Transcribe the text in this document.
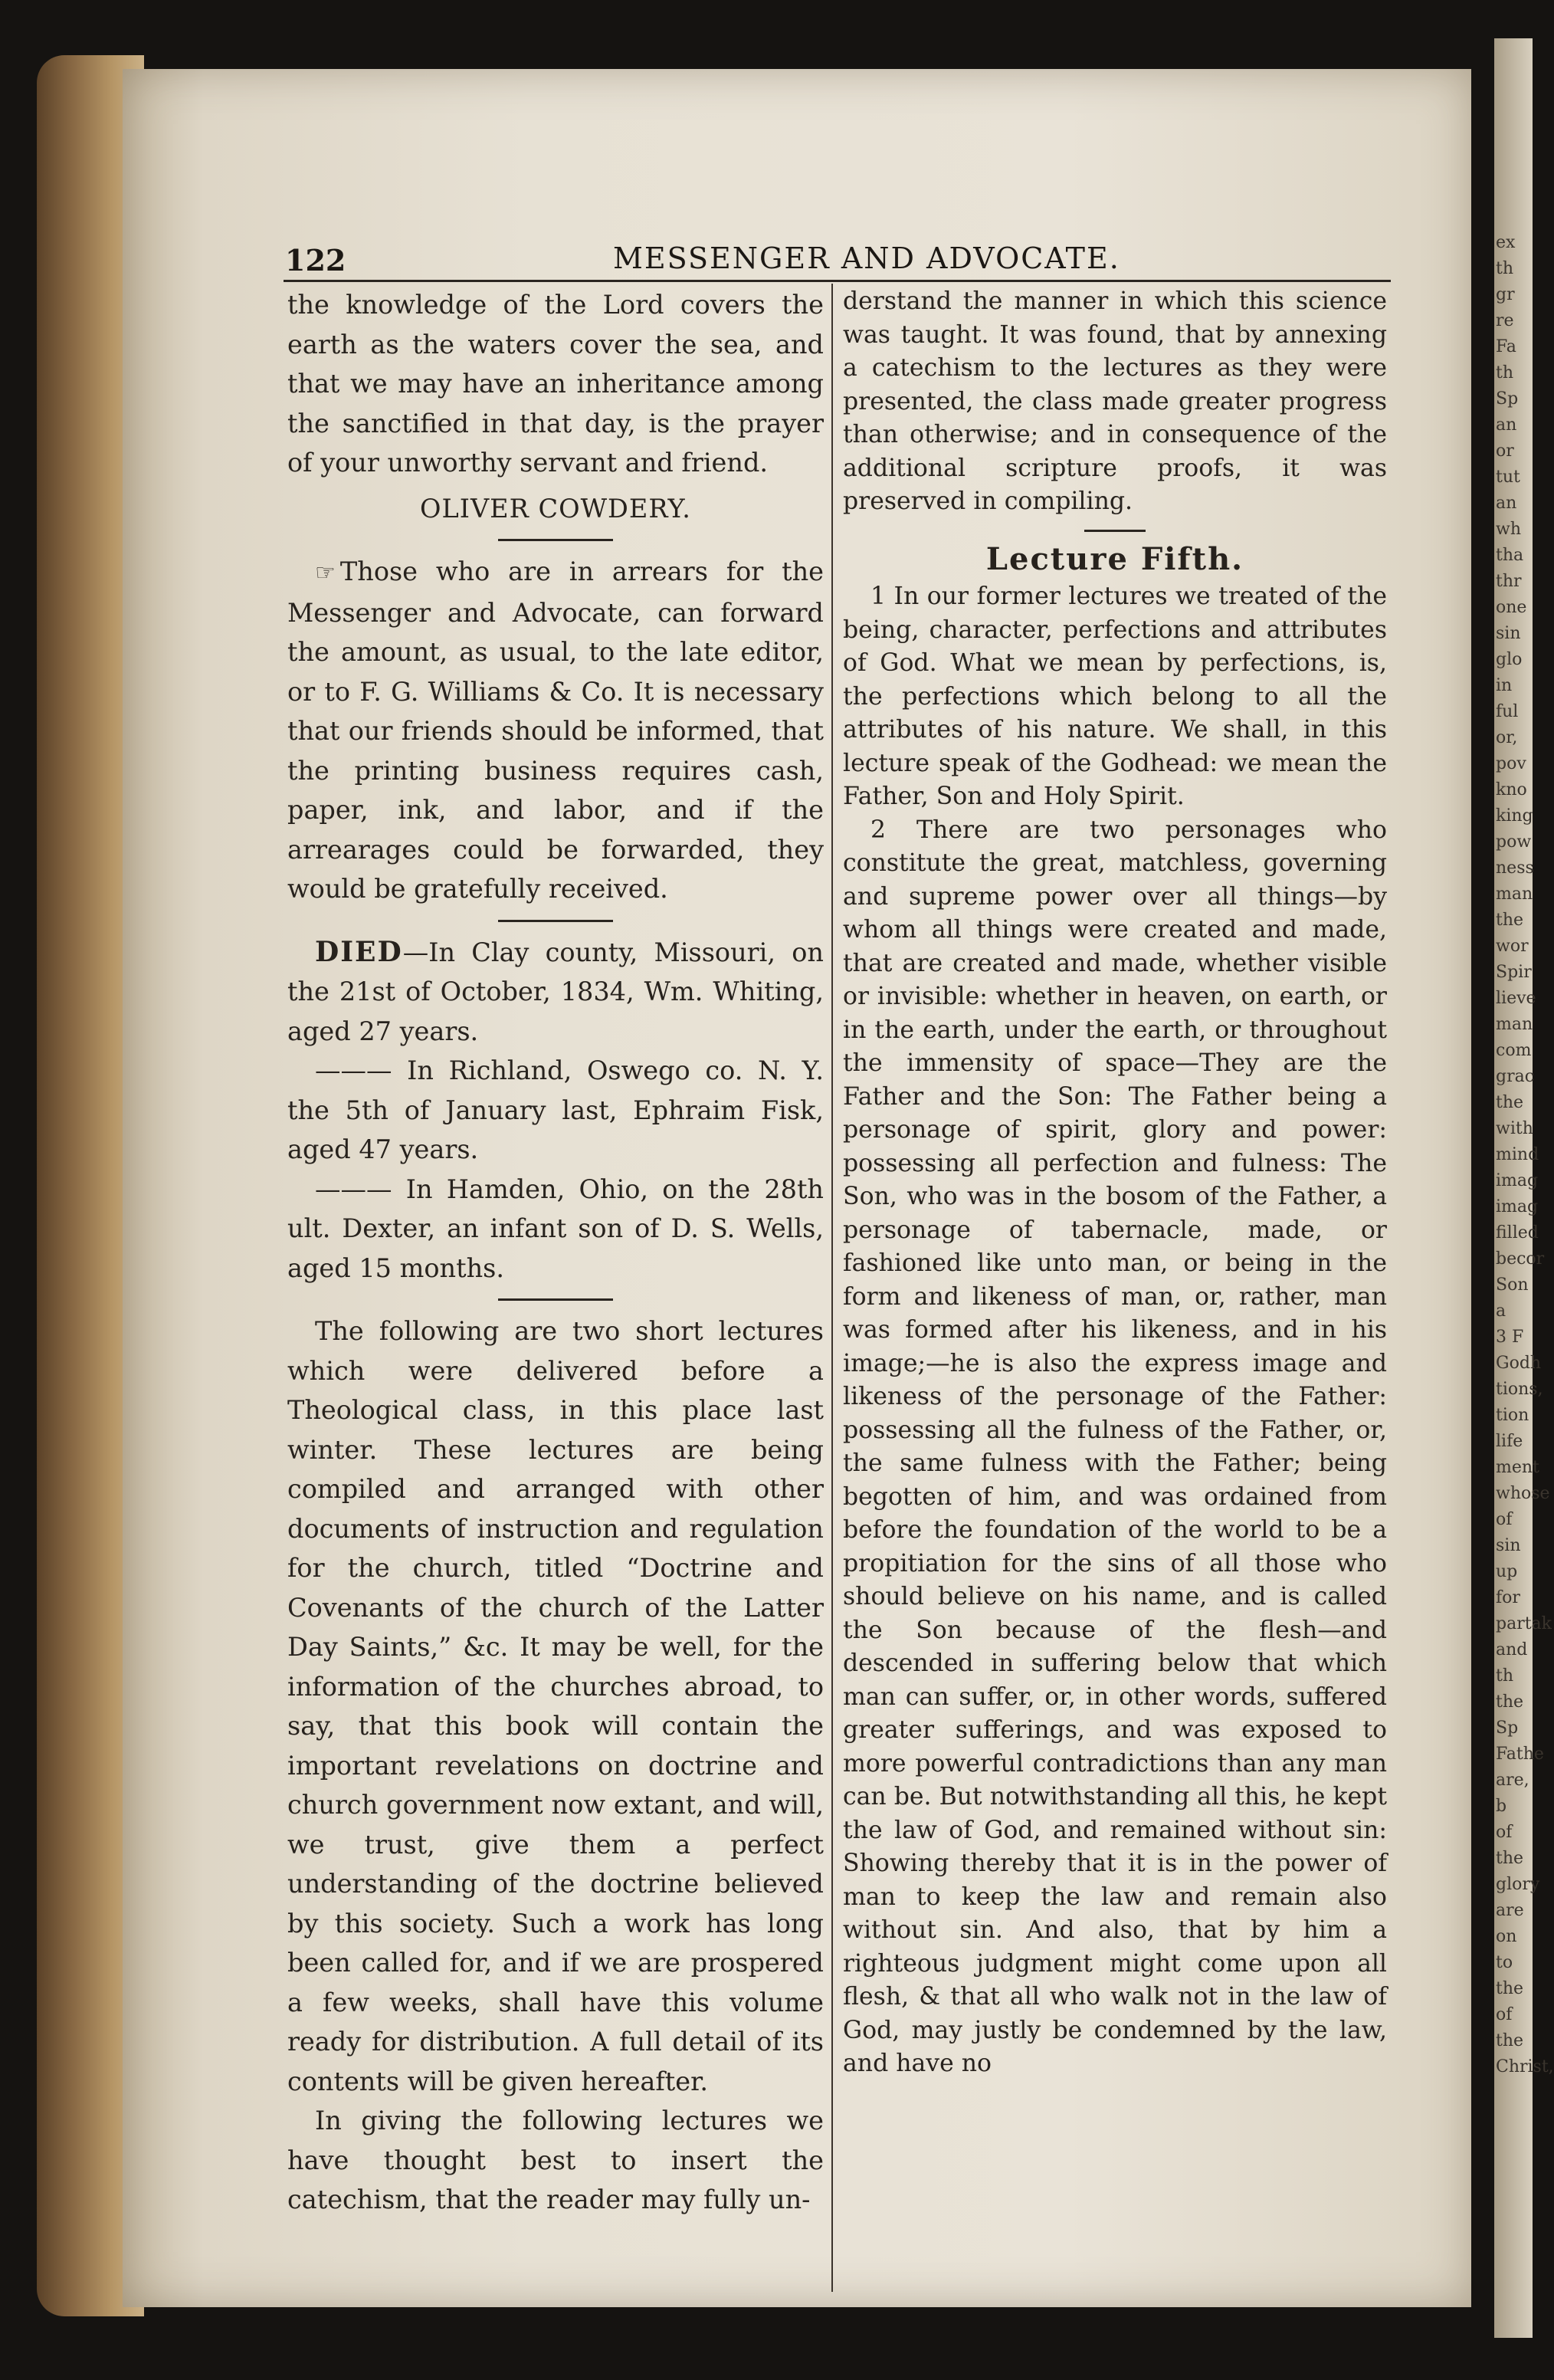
ex
th
gr
re
Fa
th
Sp
an
or
tut
an
wh
tha
thr
one
sin
glo
in
ful
or,
pov
kno
king
pow
ness
man
the
wor
Spir
lieve
man
com
grac
the
with
mind
imag
imag
filled
becor
Son a
3 F
Godh
tions,
tion
life
ment
whose
of sin
up for
partak
and th
the Sp
Fathe
are, b
of the
glory
are on
to the
of the
Christ,
122	MESSENGER AND ADVOCATE.

the knowledge of the Lord covers the earth as the waters cover the sea, and that we may have an inheritance among the sanctified in that day, is the prayer of your unworthy servant and friend.

OLIVER COWDERY.

☞ Those who are in arrears for the Messenger and Advocate, can forward the amount, as usual, to the late editor, or to F. G. Williams & Co. It is necessary that our friends should be informed, that the printing business requires cash, paper, ink, and labor, and if the arrearages could be forwarded, they would be gratefully received.

DIED—In Clay county, Missouri, on the 21st of October, 1834, Wm. Whiting, aged 27 years.

——— In Richland, Oswego co. N. Y. the 5th of January last, Ephraim Fisk, aged 47 years.

——— In Hamden, Ohio, on the 28th ult. Dexter, an infant son of D. S. Wells, aged 15 months.

The following are two short lectures which were delivered before a Theological class, in this place last winter. These lectures are being compiled and arranged with other documents of instruction and regulation for the church, titled “Doctrine and Covenants of the church of the Latter Day Saints,” &c. It may be well, for the information of the churches abroad, to say, that this book will contain the important revelations on doctrine and church government now extant, and will, we trust, give them a perfect understanding of the doctrine believed by this society. Such a work has long been called for, and if we are prospered a few weeks, shall have this volume ready for distribution. A full detail of its contents will be given hereafter.

In giving the following lectures we have thought best to insert the catechism, that the reader may fully un-

derstand the manner in which this science was taught. It was found, that by annexing a catechism to the lectures as they were presented, the class made greater progress than otherwise; and in consequence of the additional scripture proofs, it was preserved in compiling.

Lecture Fifth.

1 In our former lectures we treated of the being, character, perfections and attributes of God. What we mean by perfections, is, the perfections which belong to all the attributes of his nature. We shall, in this lecture speak of the Godhead: we mean the Father, Son and Holy Spirit.

2 There are two personages who constitute the great, matchless, governing and supreme power over all things—by whom all things were created and made, that are created and made, whether visible or invisible: whether in heaven, on earth, or in the earth, under the earth, or throughout the immensity of space—They are the Father and the Son: The Father being a personage of spirit, glory and power: possessing all perfection and fulness: The Son, who was in the bosom of the Father, a personage of tabernacle, made, or fashioned like unto man, or being in the form and likeness of man, or, rather, man was formed after his likeness, and in his image;—he is also the express image and likeness of the personage of the Father: possessing all the fulness of the Father, or, the same fulness with the Father; being begotten of him, and was ordained from before the foundation of the world to be a propitiation for the sins of all those who should believe on his name, and is called the Son because of the flesh—and descended in suffering below that which man can suffer, or, in other words, suffered greater sufferings, and was exposed to more powerful contradictions than any man can be. But notwithstanding all this, he kept the law of God, and remained without sin: Showing thereby that it is in the power of man to keep the law and remain also without sin. And also, that by him a righteous judgment might come upon all flesh, & that all who walk not in the law of God, may justly be condemned by the law, and have no
